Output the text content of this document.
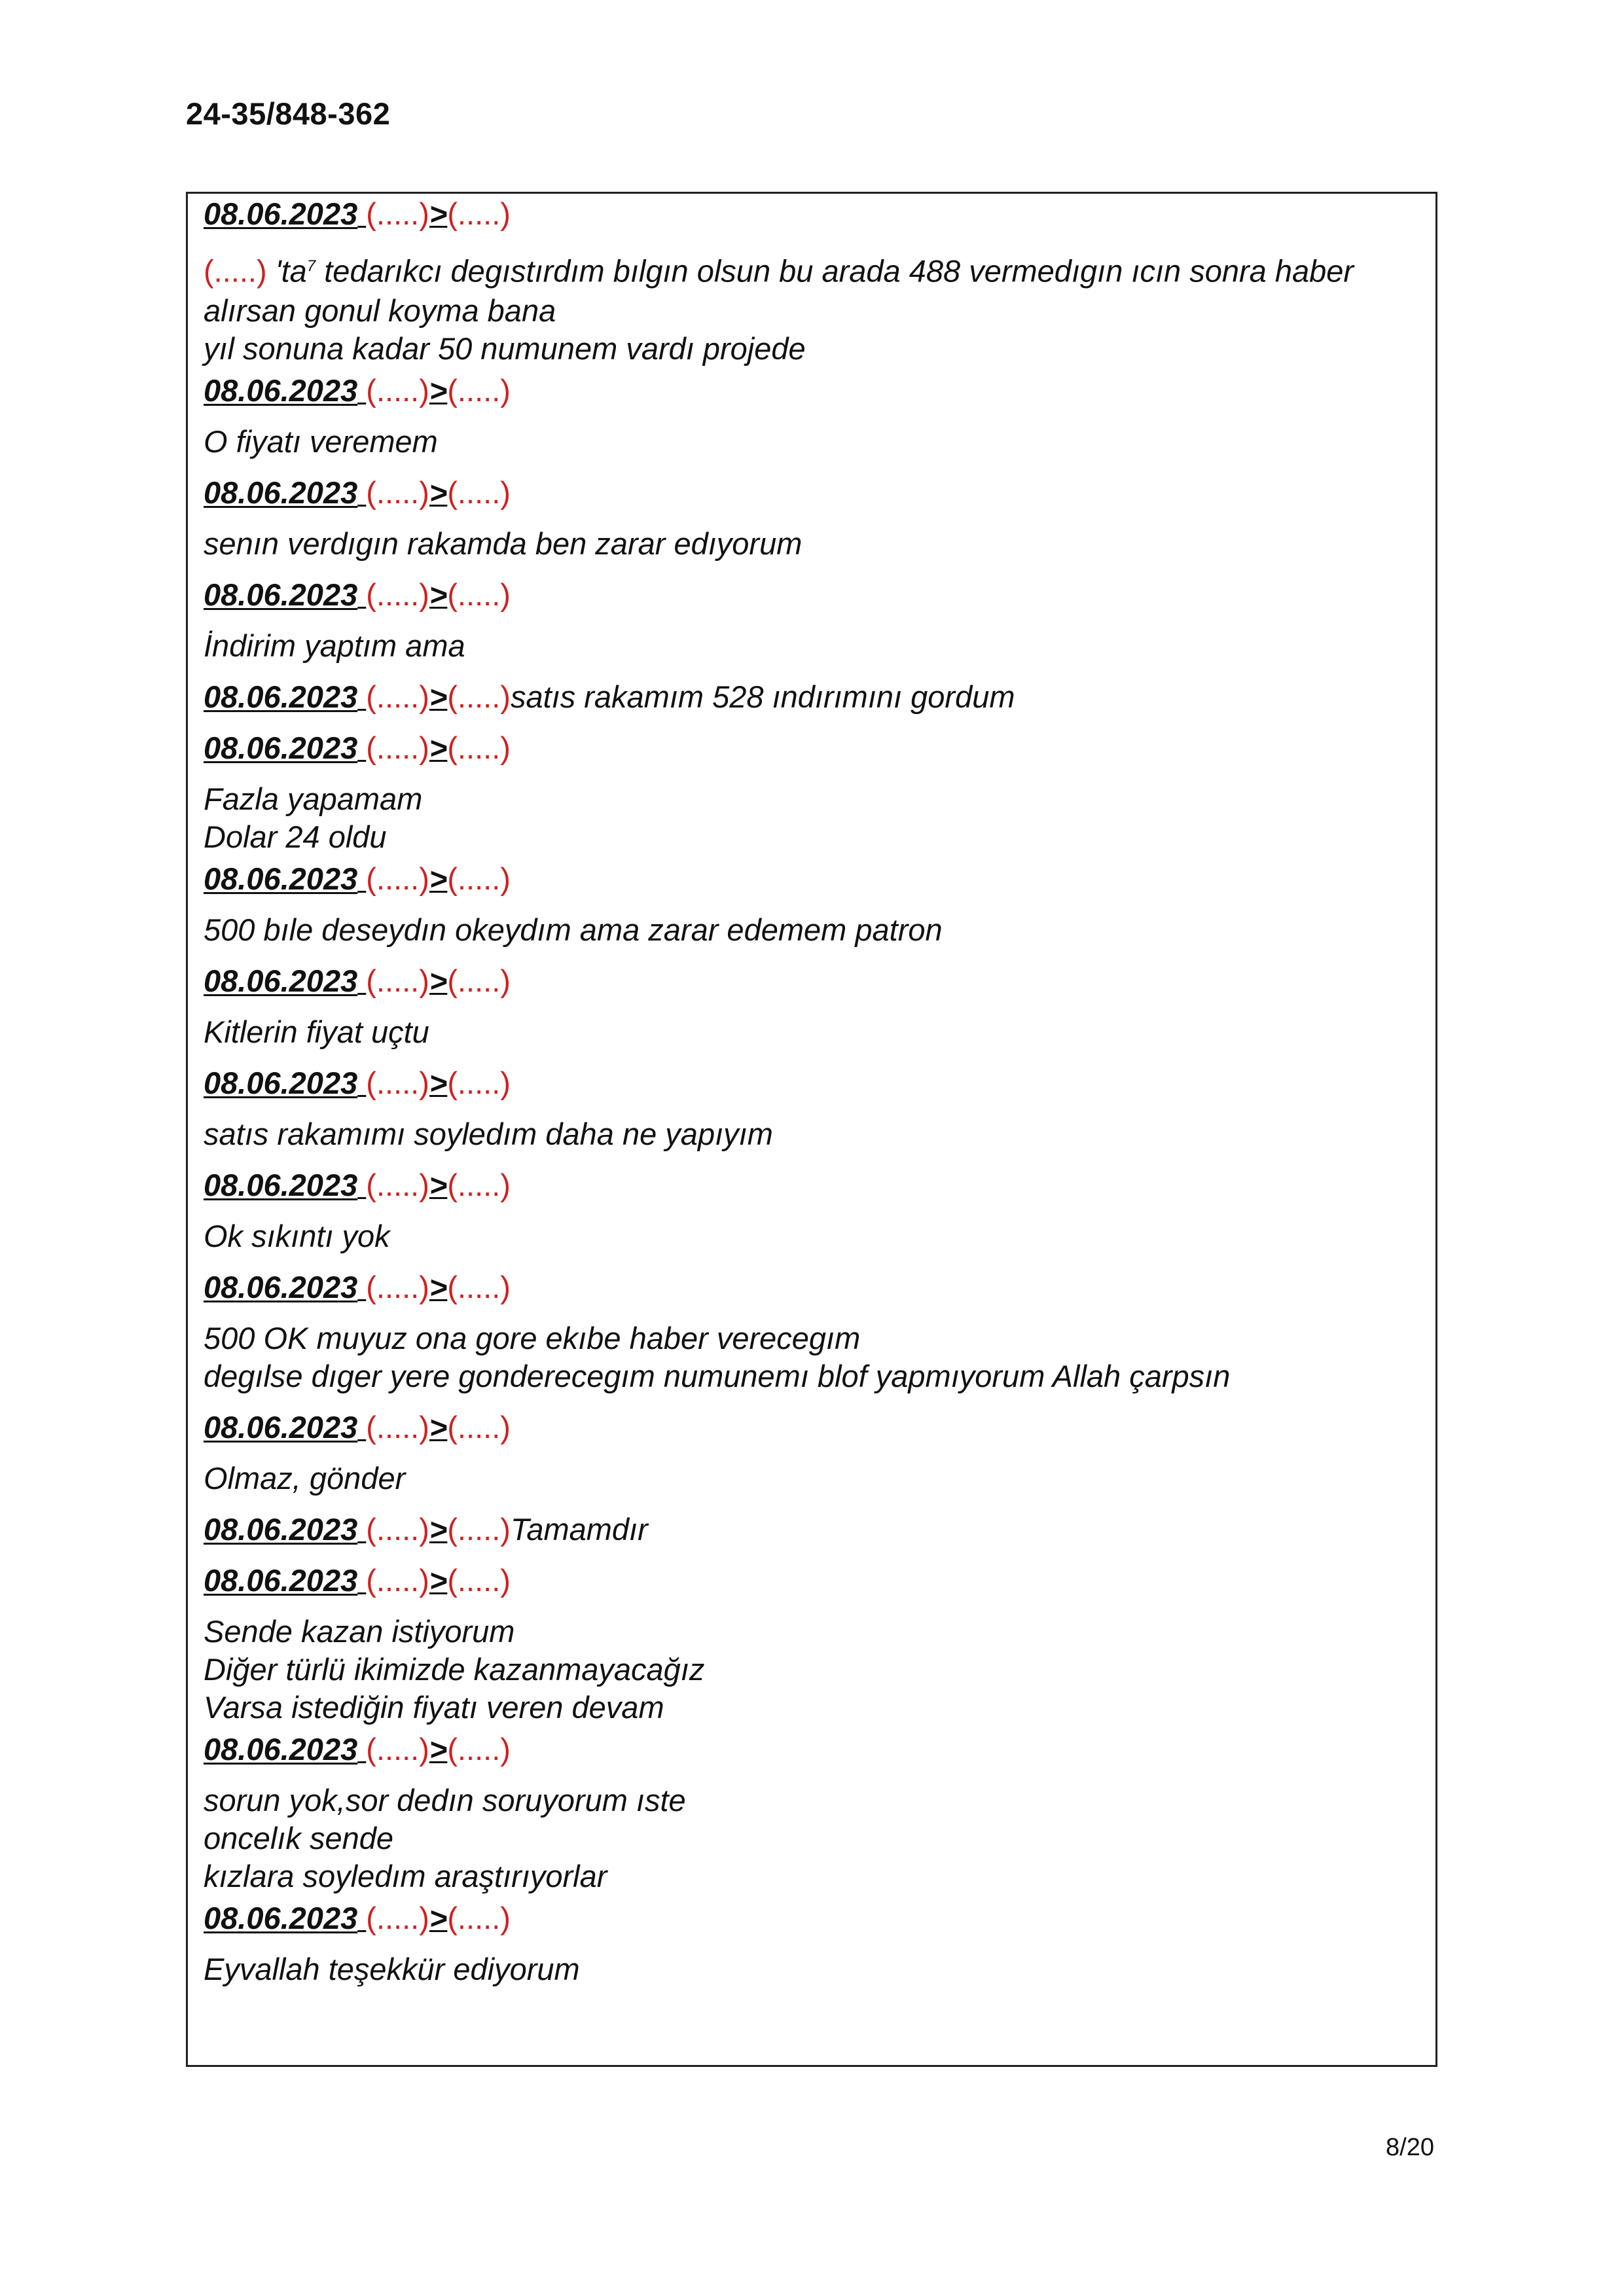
24-35/848-362
08.06.2023 (.....)>(.....)
(.....) '$ta^7$ tedarıkcı degıstırdım bılgın olsun bu arada 488 vermedıgın ıcın sonra haber
alırsan gonul koyma bana
yıl sonuna kadar 50 numunem vardı projede
08.06.2023 (.....)>(.....)
O fiyatı veremem
08.06.2023 (.....)>(.....)
senın verdıgın rakamda ben zarar edıyorum
08.06.2023 (.....)>(.....)
İndirim yaptım ama
08.06.2023 (.....)>(.....)satıs rakamım 528 ındırımını gordum
08.06.2023 (.....)>(.....)
Fazla yapamam
Dolar 24 oldu
08.06.2023 (.....)>(.....)
500 bıle deseydın okeydım ama zarar edemem patron
08.06.2023 (.....)>(.....)
Kitlerin fiyat uçtu
08.06.2023 (.....)>(.....)
satıs rakamımı soyledım daha ne yapıyım
08.06.2023 (.....)>(.....)
Ok sıkıntı yok
08.06.2023 (.....)>(.....)
500 OK muyuz ona gore ekıbe haber verecegım
degılse dıger yere gonderecegım numunemı blof yapmıyorum Allah çarpsın
08.06.2023 (.....)>(.....)
Olmaz, gönder
08.06.2023 (.....)>(.....)Tamamdır
08.06.2023 (.....)>(.....)
Sende kazan istiyorum
Diğer türlü ikimizde kazanmayacağız
Varsa istediğin fiyatı veren devam
08.06.2023 (.....)>(.....)
sorun yok,sor dedın soruyorum ıste
oncelık sende
kızlara soyledım araştırıyorlar
08.06.2023 (.....)>(.....)
Eyvallah teşekkür ediyorum
8/20
